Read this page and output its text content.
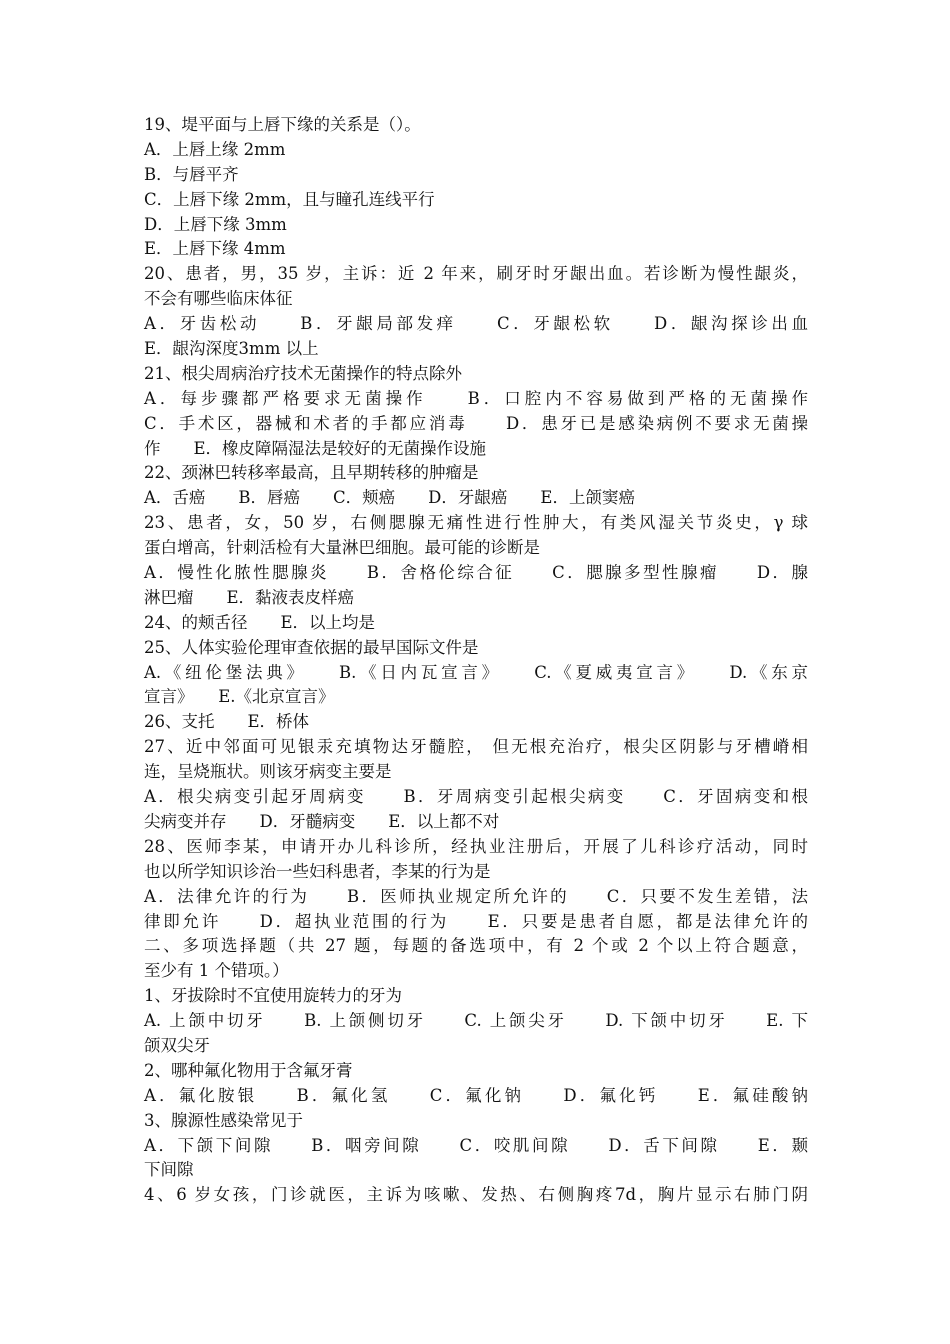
19、堤平面与上唇下缘的关系是（）。
A．上唇上缘 2mm
B．与唇平齐
C．上唇下缘 2mm，且与瞳孔连线平行
D．上唇下缘 3mm
E．上唇下缘 4mm
20、患者，男，35 岁，主诉：近 2 年来，刷牙时牙龈出血。若诊断为慢性龈炎，
不会有哪些临床体征
A．牙齿松动　　B．牙龈局部发痒　　C．牙龈松软　　D．龈沟探诊出血
E．龈沟深度3mm 以上
21、根尖周病治疗技术无菌操作的特点除外
A．每步骤都严格要求无菌操作　　B．口腔内不容易做到严格的无菌操作
C．手术区，器械和术者的手都应消毒　　D．患牙已是感染病例不要求无菌操
作　　E．橡皮障隔湿法是较好的无菌操作设施
22、颈淋巴转移率最高，且早期转移的肿瘤是
A．舌癌　　B．唇癌　　C．颊癌　　D．牙龈癌　　E．上颌窦癌
23、患者，女，50 岁，右侧腮腺无痛性进行性肿大，有类风湿关节炎史，γ 球
蛋白增高，针刺活检有大量淋巴细胞。最可能的诊断是
A．慢性化脓性腮腺炎　　B．舍格伦综合征　　C．腮腺多型性腺瘤　　D．腺
淋巴瘤　　E．黏液表皮样癌
24、的颊舌径　　E．以上均是
25、人体实验伦理审查依据的最早国际文件是
A.《纽伦堡法典》　　B.《日内瓦宣言》　　C.《夏威夷宣言》　　D.《东京
宣言》　　E.《北京宣言》
26、支托　　E．桥体
27、近中邻面可见银汞充填物达牙髓腔， 但无根充治疗，根尖区阴影与牙槽嵴相
连，呈烧瓶状。则该牙病变主要是
A．根尖病变引起牙周病变　　B．牙周病变引起根尖病变　　C．牙固病变和根
尖病变并存　　D．牙髓病变　　E．以上都不对
28、医师李某，申请开办儿科诊所，经执业注册后，开展了儿科诊疗活动，同时
也以所学知识诊治一些妇科患者，李某的行为是
A．法律允许的行为　　B．医师执业规定所允许的　　C．只要不发生差错，法
律即允许　　D．超执业范围的行为　　E．只要是患者自愿，都是法律允许的
二、多项选择题（共 27 题，每题的备选项中，有 2 个或 2 个以上符合题意，
至少有 1 个错项。）
1、牙拔除时不宜使用旋转力的牙为
A. 上颌中切牙　　B. 上颌侧切牙　　C. 上颌尖牙　　D. 下颌中切牙　　E. 下
颌双尖牙
2、哪种氟化物用于含氟牙膏
A．氟化胺银　　B．氟化氢　　C．氟化钠　　D．氟化钙　　E．氟硅酸钠
3、腺源性感染常见于
A．下颌下间隙　　B．咽旁间隙　　C．咬肌间隙　　D．舌下间隙　　E．颞
下间隙
4、6 岁女孩，门诊就医，主诉为咳嗽、发热、右侧胸疼7d，胸片显示右肺门阴
